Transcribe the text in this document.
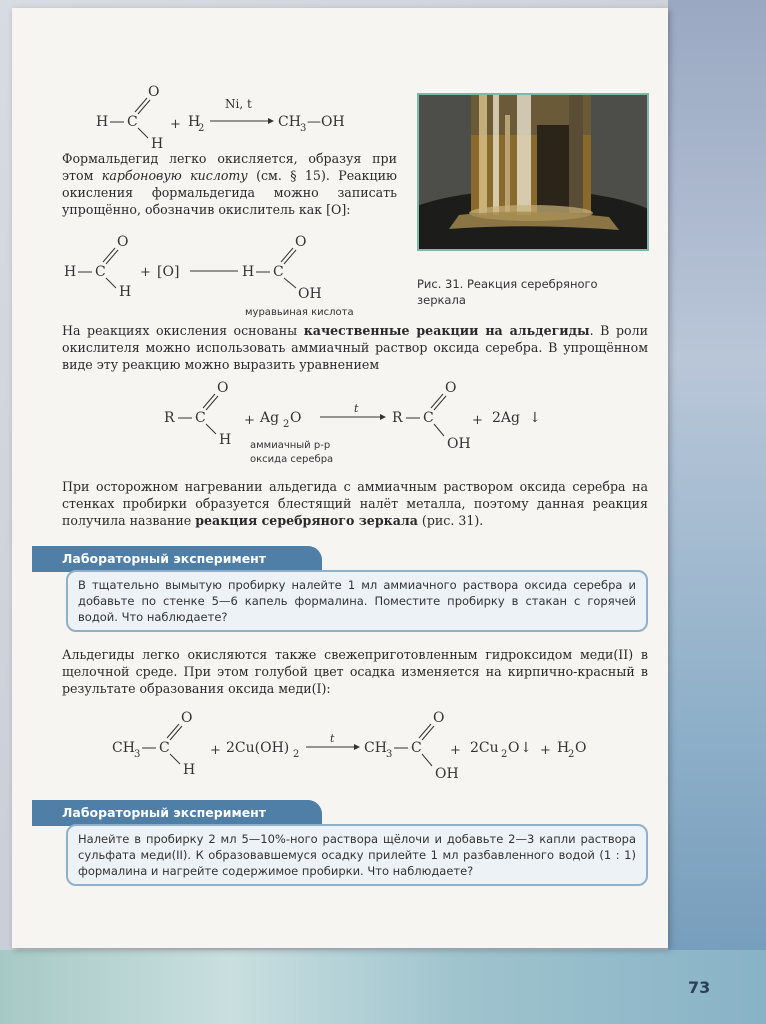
H C
O
H
+ H
2
Ni, t
CH 3 —OH

Формальдегид легко окисляется, образуя при этом карбоновую кислоту (см. § 15). Реакцию окисления формальдегида можно записать упрощённо, обозначив окислитель как [O]:

H C
O
H
+ [O]	H C
O
OH
муравьиная кислота
Рис. 31. Реакция серебряного зеркала

На реакциях окисления основаны качественные реакции на альдегиды. В роли окислителя можно использовать аммиачный раствор оксида серебра. В упрощённом виде эту реакцию можно выразить уравнением

R C
O
H
+ Ag 2 O
аммиачный р-р
оксида серебра
t
R C
O
OH
+ 2Ag ↓

При осторожном нагревании альдегида с аммиачным раствором оксида серебра на стенках пробирки образуется блестящий налёт металла, поэтому данная реакция получила название реакция серебряного зеркала (рис. 31).

Лабораторный эксперимент
В тщательно вымытую пробирку налейте 1 мл аммиачного раствора оксида серебра и добавьте по стенке 5—6 капель формалина. Поместите пробирку в стакан с горячей водой. Что наблюдаете?

Альдегиды легко окисляются также свежеприготовленным гидроксидом меди(II) в щелочной среде. При этом голубой цвет осадка изменяется на кирпично-красный в результате образования оксида меди(I):

CH 3 C
O
H
+ 2Cu(OH) 2
t
CH 3 C
O
OH
+ 2Cu 2 O ↓ + H
2 O
Лабораторный эксперимент
Налейте в пробирку 2 мл 5—10%-ного раствора щёлочи и добавьте 2—3 капли раствора сульфата меди(II). К образовавшемуся осадку прилейте 1 мл разбавленного водой (1 : 1) формалина и нагрейте содержимое пробирки. Что наблюдаете?
73
